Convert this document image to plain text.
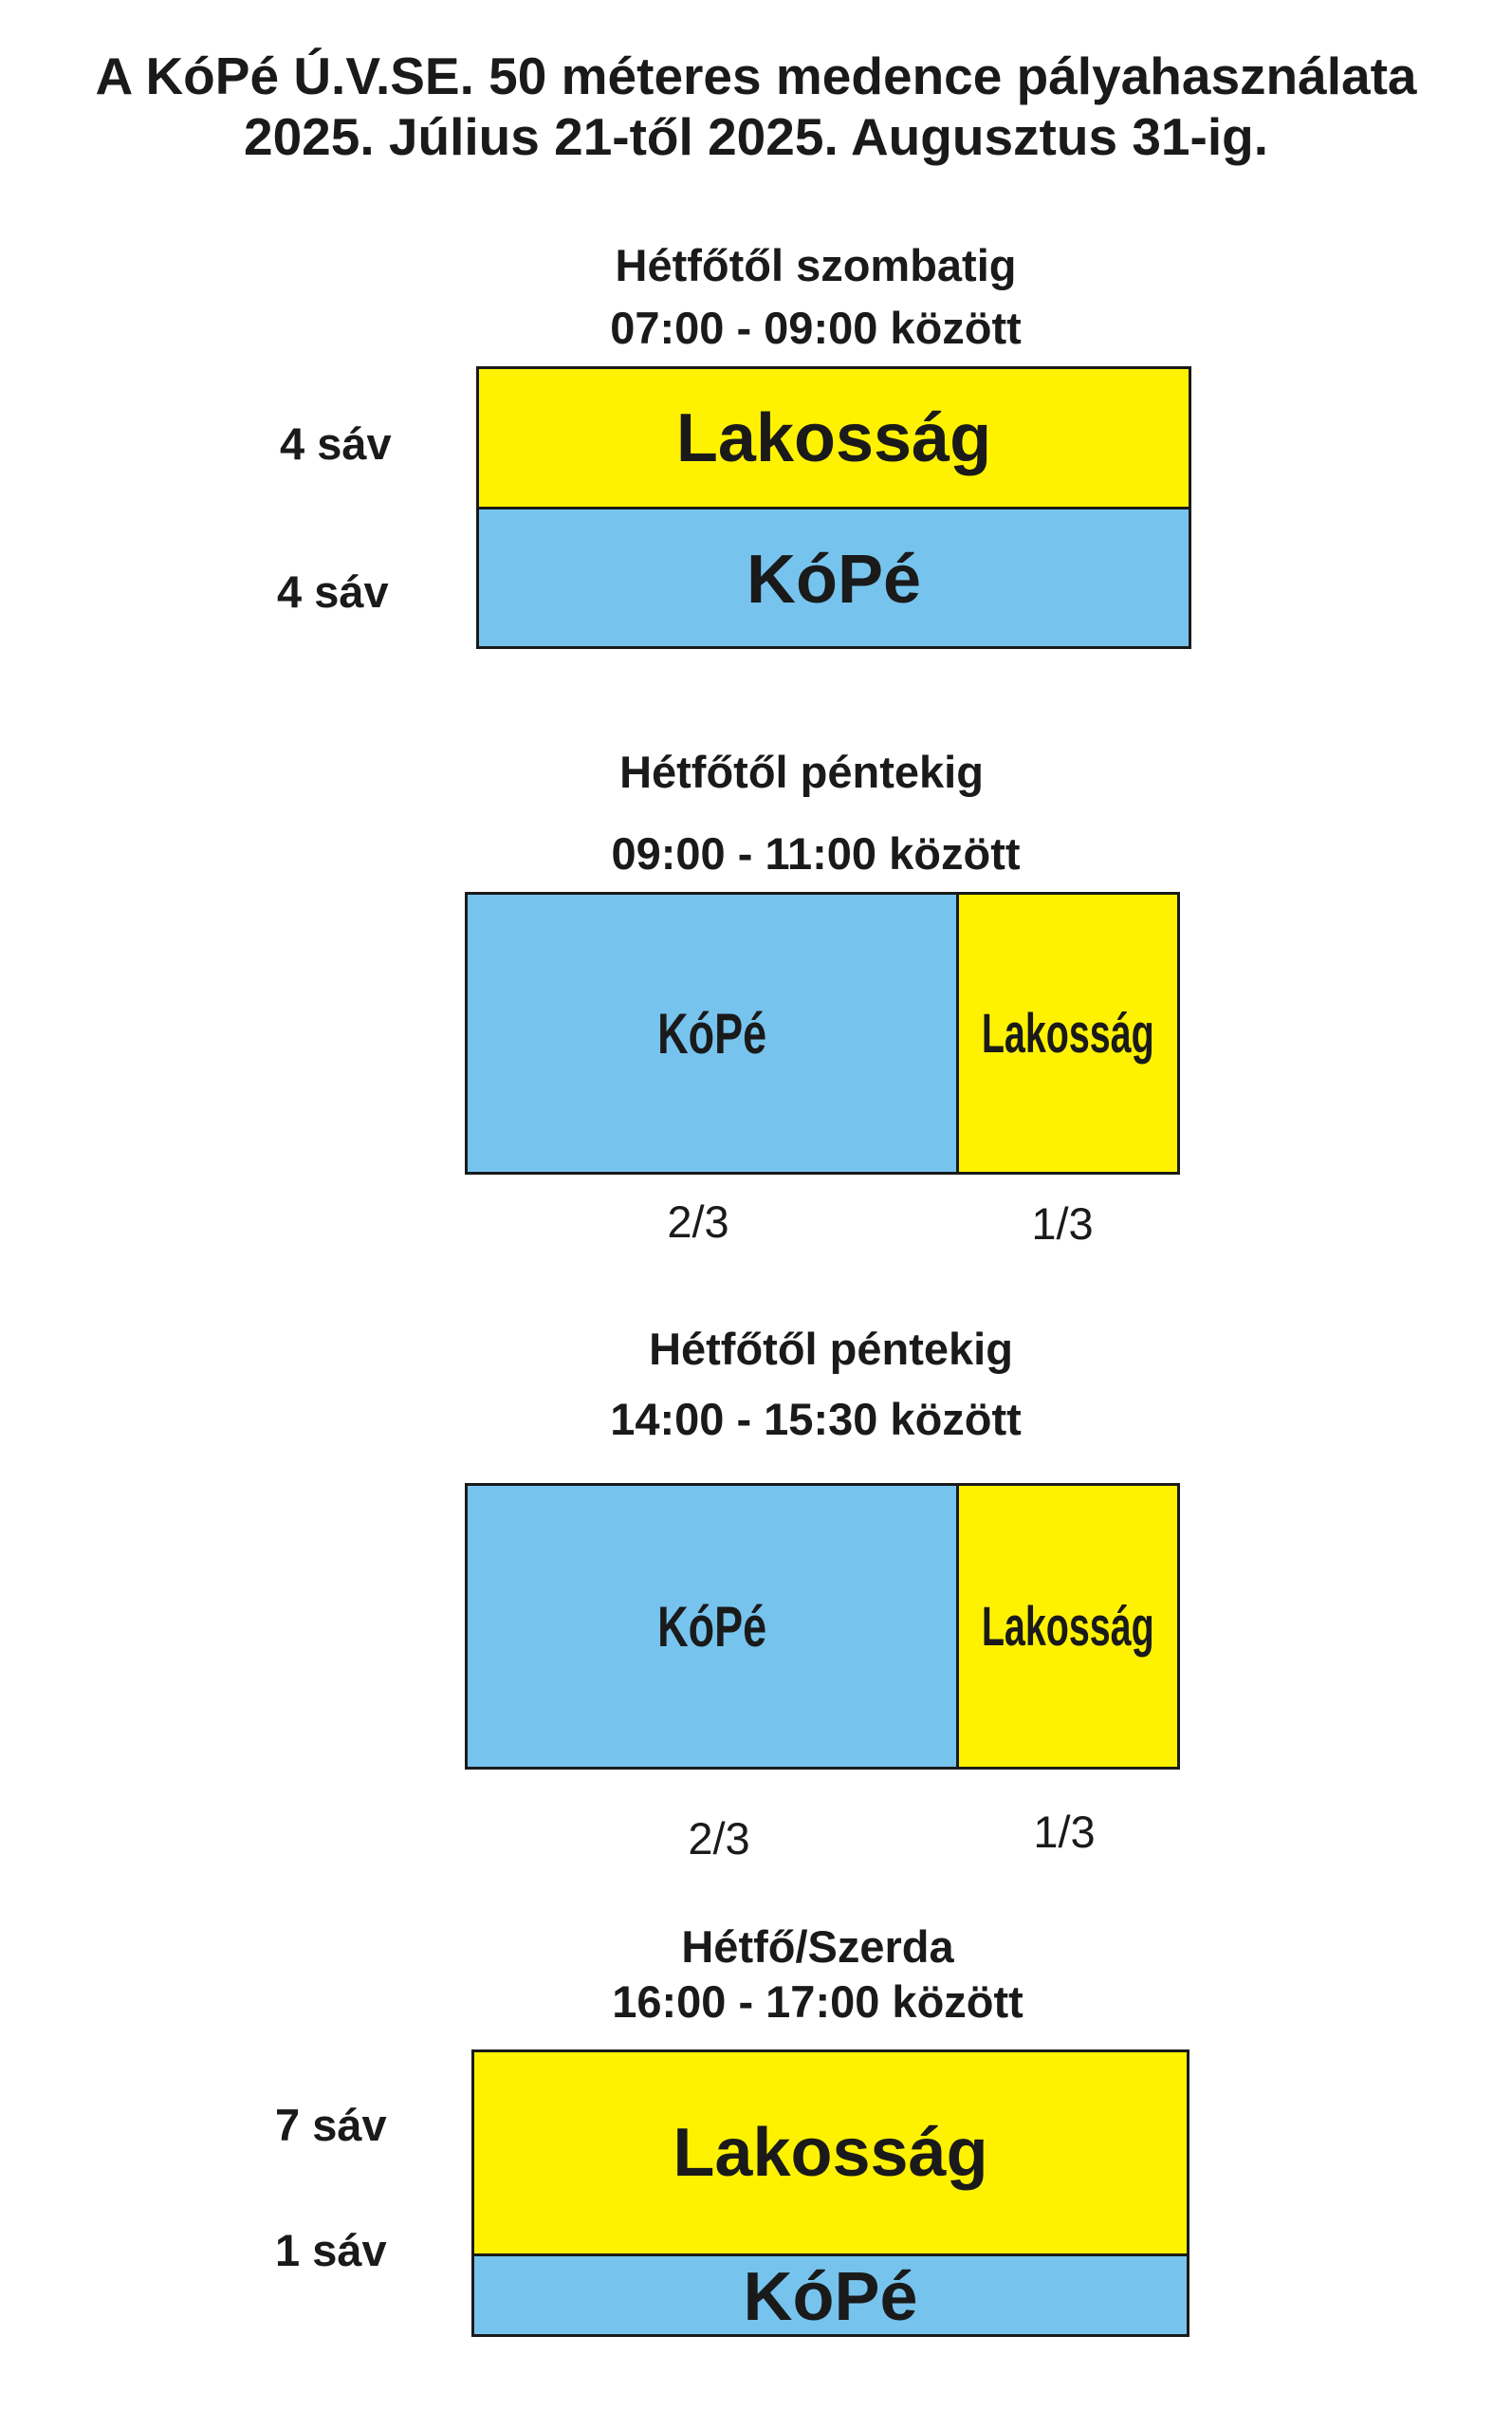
A KóPé Ú.V.SE. 50 méteres medence pályahasználata
2025. Július 21-től 2025. Augusztus 31-ig.
Hétfőtől szombatig
07:00 - 09:00 között
Lakosság
KóPé
4 sáv
4 sáv
Hétfőtől péntekig
09:00 - 11:00 között
KóPé	Lakosság
2/3	1/3
Hétfőtől péntekig
14:00 - 15:30 között
KóPé	Lakosság
2/3	1/3
Hétfő/Szerda
16:00 - 17:00 között
Lakosság
KóPé
7 sáv
1 sáv
